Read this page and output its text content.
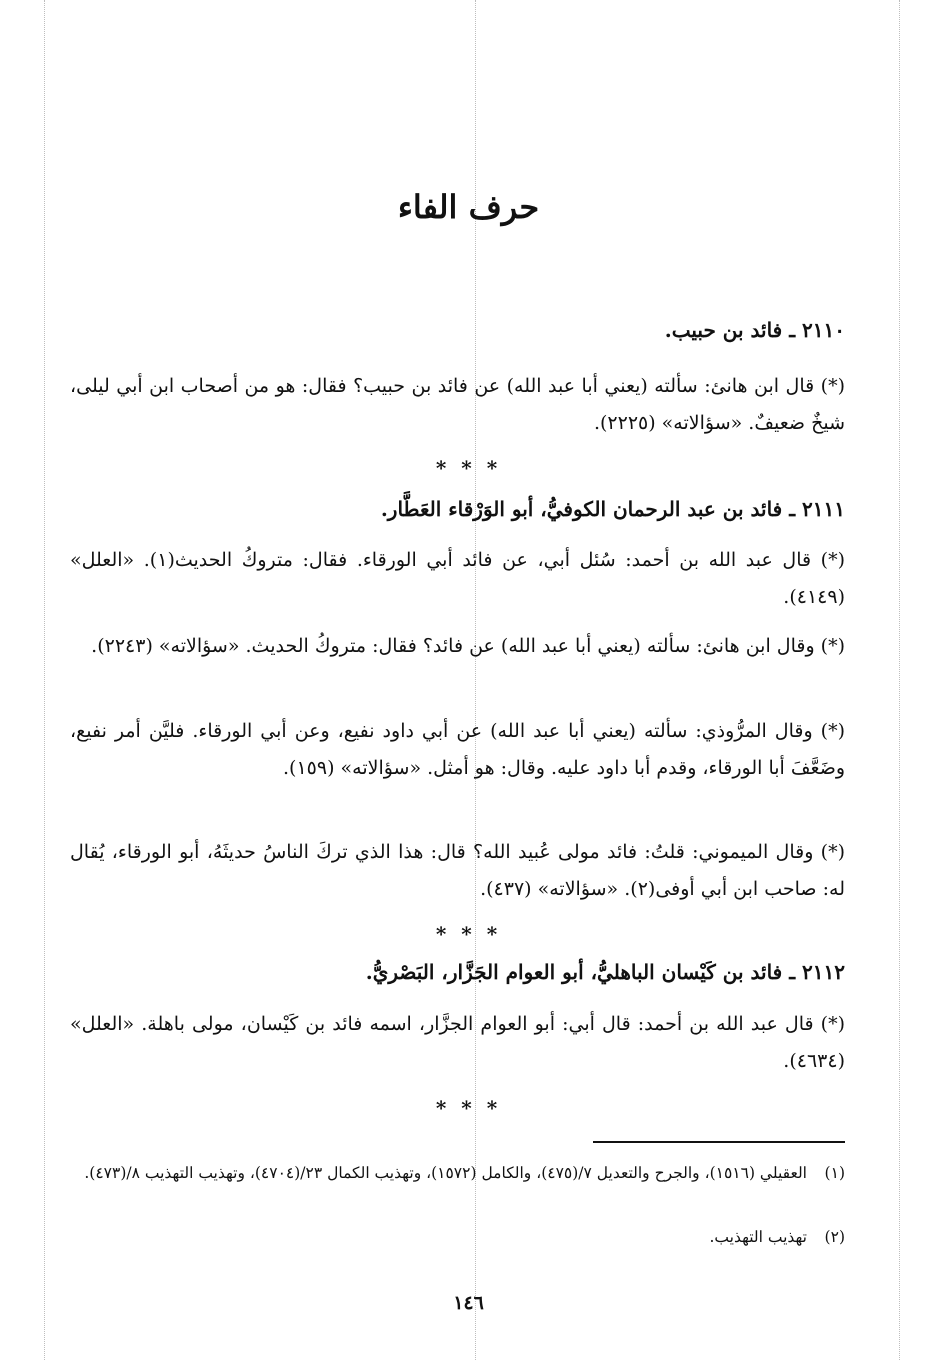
حرف الفاء
٢١١٠ ـ فائد بن حبيب.
(*) قال ابن هانئ: سألته (يعني أبا عبد الله) عن فائد بن حبيب؟ فقال: هو من أصحاب ابن أبي ليلى، شيخٌ ضعيفٌ. «سؤالاته» (٢٢٢٥).
* * *
٢١١١ ـ فائد بن عبد الرحمان الكوفيُّ، أبو الوَرْقاء العَطَّار.
(*) قال عبد الله بن أحمد: سُئل أبي، عن فائد أبي الورقاء. فقال: متروكُ الحديث(١). «العلل» (٤١٤٩).
(*) وقال ابن هانئ: سألته (يعني أبا عبد الله) عن فائد؟ فقال: متروكُ الحديث. «سؤالاته» (٢٢٤٣).
(*) وقال المرُّوذي: سألته (يعني أبا عبد الله) عن أبي داود نفيع، وعن أبي الورقاء. فليَّن أمر نفيع، وضَعَّفَ أبا الورقاء، وقدم أبا داود عليه. وقال: هو أمثل. «سؤالاته» (١٥٩).
(*) وقال الميموني: قلتُ: فائد مولى عُبيد الله؟ قال: هذا الذي تركَ الناسُ حديثَهُ، أبو الورقاء، يُقال له: صاحب ابن أبي أوفى(٢). «سؤالاته» (٤٣٧).
* * *
٢١١٢ ـ فائد بن كَيْسان الباهليُّ، أبو العوام الجَزَّار، البَصْريُّ.
(*) قال عبد الله بن أحمد: قال أبي: أبو العوام الجزَّار، اسمه فائد بن كَيْسان، مولى باهلة. «العلل» (٤٦٣٤).
* * *
(١)العقيلي (١٥١٦)، والجرح والتعديل ٧/(٤٧٥)، والكامل (١٥٧٢)، وتهذيب الكمال ٢٣/(٤٧٠٤)، وتهذيب التهذيب ٨/(٤٧٣).
(٢)تهذيب التهذيب.
١٤٦
